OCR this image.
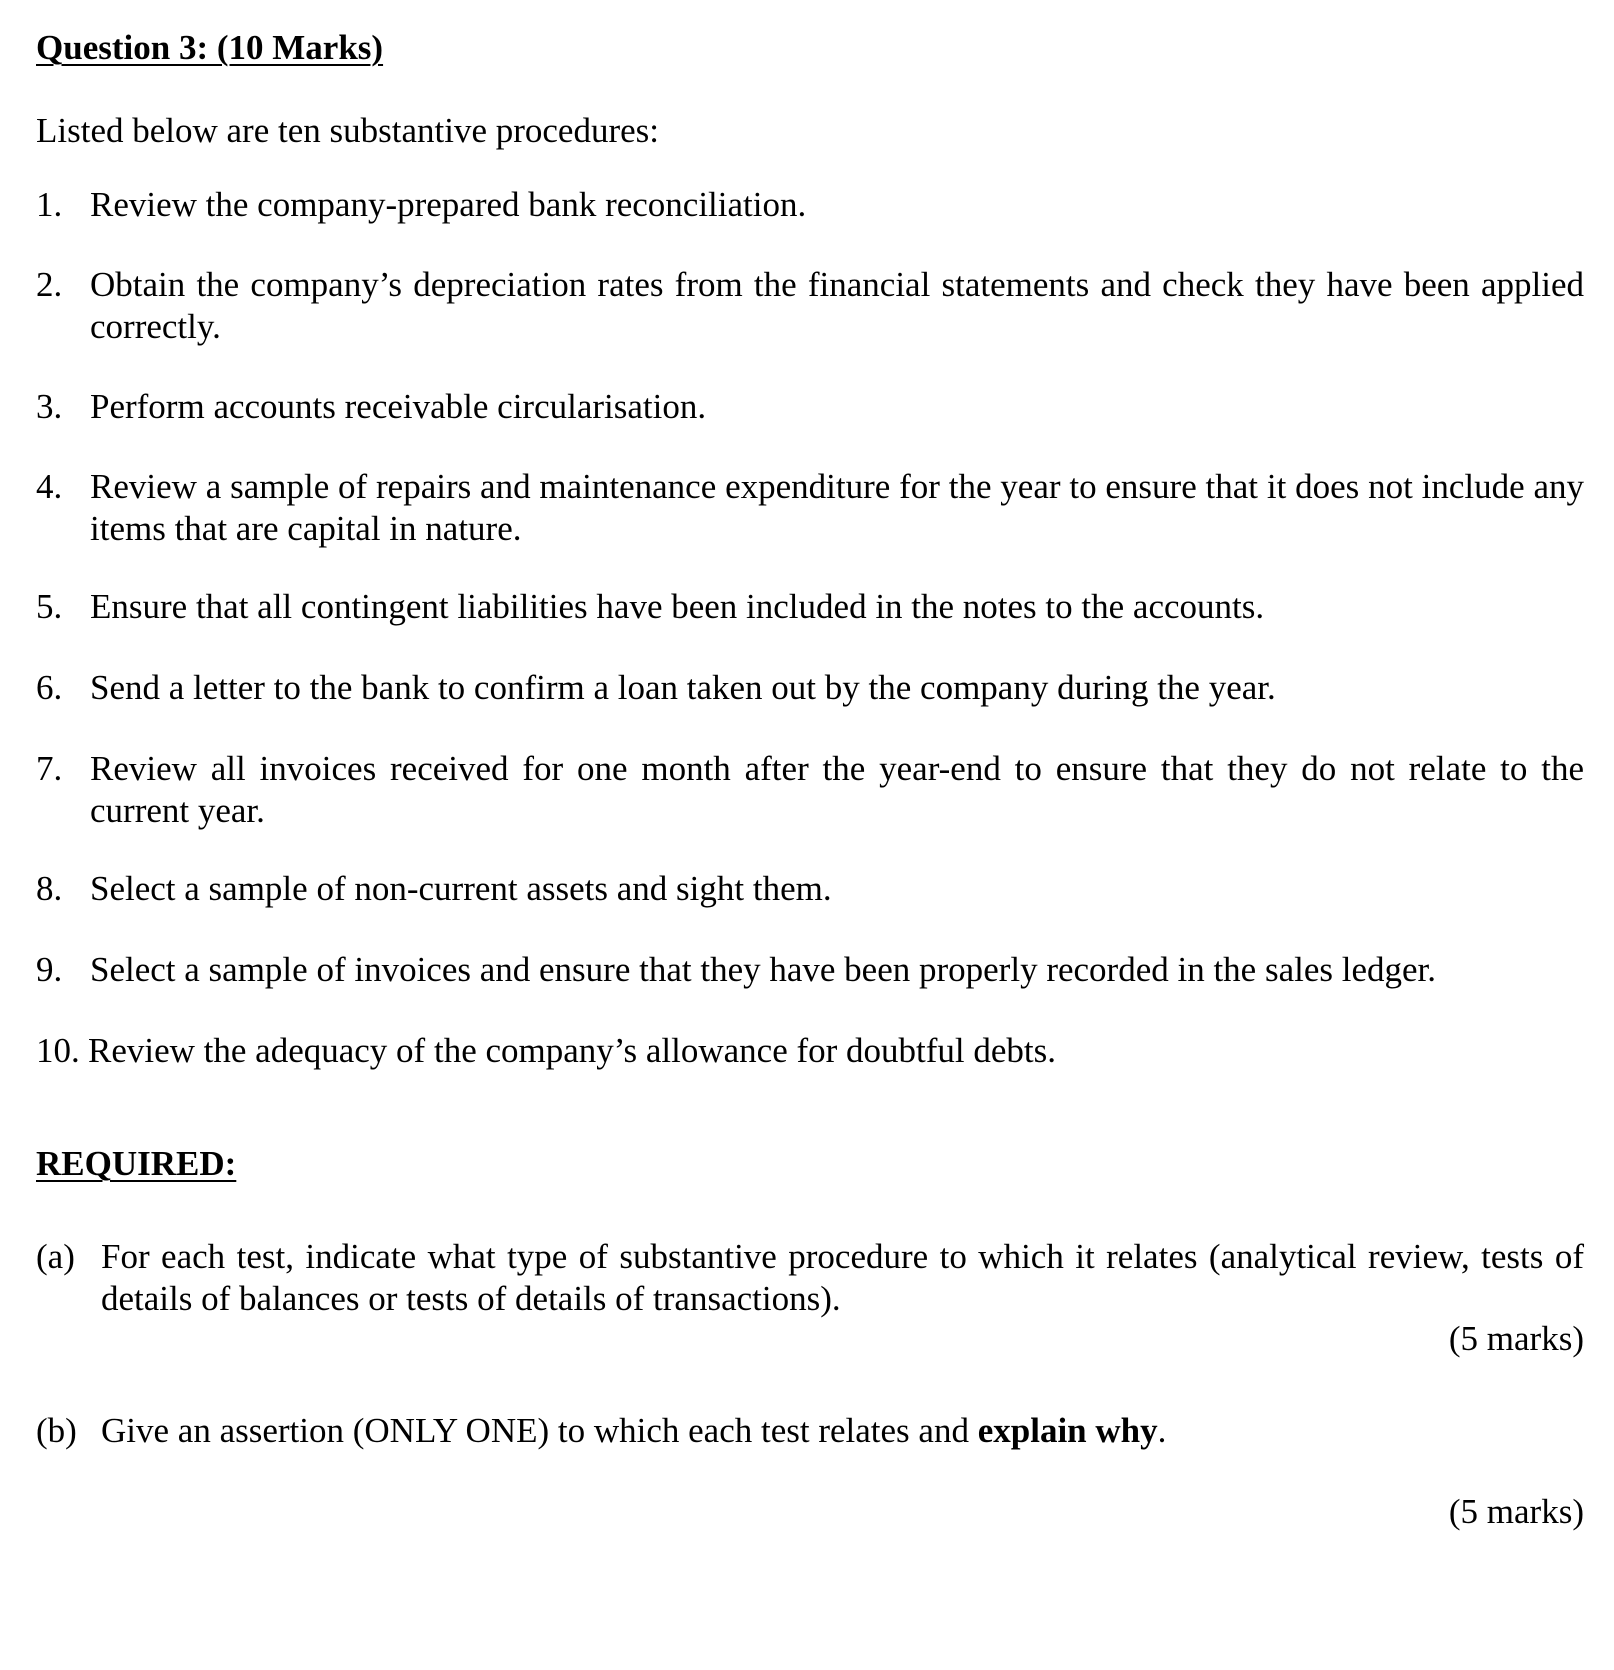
Question 3: (10 Marks)
Listed below are ten substantive procedures:
1. Review the company-prepared bank reconciliation.
2. Obtain the company’s depreciation rates from the financial statements and check they have been applied correctly.
3. Perform accounts receivable circularisation.
4. Review a sample of repairs and maintenance expenditure for the year to ensure that it does not include any items that are capital in nature.
5. Ensure that all contingent liabilities have been included in the notes to the accounts.
6. Send a letter to the bank to confirm a loan taken out by the company during the year.
7. Review all invoices received for one month after the year-end to ensure that they do not relate to the current year.
8. Select a sample of non-current assets and sight them.
9. Select a sample of invoices and ensure that they have been properly recorded in the sales ledger.
10. Review the adequacy of the company’s allowance for doubtful debts.
REQUIRED:
(a) For each test, indicate what type of substantive procedure to which it relates (analytical review, tests of details of balances or tests of details of transactions).
(5 marks)
(b) Give an assertion (ONLY ONE) to which each test relates and explain why.
(5 marks)
